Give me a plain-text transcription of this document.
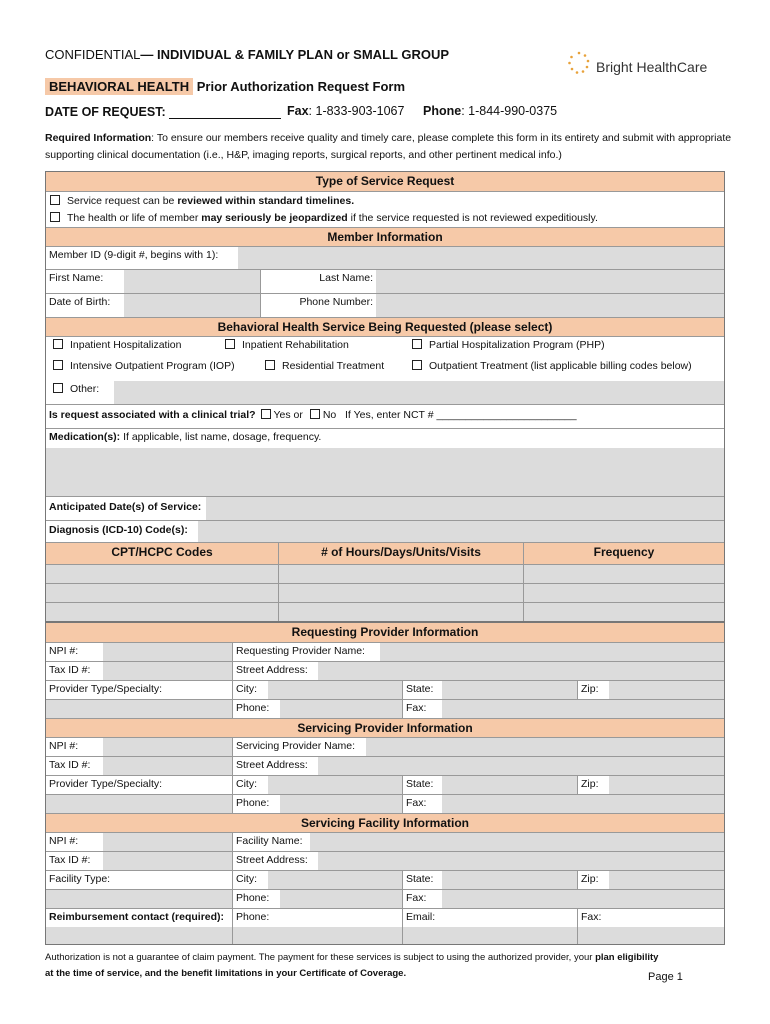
CONFIDENTIAL— INDIVIDUAL & FAMILY PLAN or SMALL GROUP
Bright HealthCare
BEHAVIORAL HEALTH Prior Authorization Request Form
DATE OF REQUEST:	Fax: 1-833-903-1067 Phone: 1-844-990-0375
Required Information: To ensure our members receive quality and timely care, please complete this form in its entirety and submit with appropriate supporting clinical documentation (i.e., H&P, imaging reports, surgical reports, and other pertinent medical info.)
Type of Service Request
Service request can be reviewed within standard timelines.
The health or life of member may seriously be jeopardized if the service requested is not reviewed expeditiously.
Member Information
Member ID (9-digit #, begins with 1):
First Name:	Last Name:
Date of Birth:	Phone Number:
Behavioral Health Service Being Requested (please select)
Inpatient Hospitalization	Inpatient Rehabilitation	Partial Hospitalization Program (PHP)
Intensive Outpatient Program (IOP)	Residential Treatment	Outpatient Treatment (list applicable billing codes below)
Other:
Is request associated with a clinical trial? Yes or No If Yes, enter NCT # ________________________
Medication(s): If applicable, list name, dosage, frequency.
Anticipated Date(s) of Service:
Diagnosis (ICD-10) Code(s):
CPT/HCPC Codes	# of Hours/Days/Units/Visits	Frequency
Requesting Provider Information
NPI #:	Requesting Provider Name:
Tax ID #:	Street Address:
Provider Type/Specialty:	City:	State:	Zip:
Phone:	Fax:
Servicing Provider Information
NPI #:	Servicing Provider Name:
Tax ID #:	Street Address:
Provider Type/Specialty:	City:	State:	Zip:
Phone:	Fax:
Servicing Facility Information
NPI #:	Facility Name:
Tax ID #:	Street Address:
Facility Type:	City:	State:	Zip:
Phone:	Fax:
Reimbursement contact (required):	Phone:	Email:	Fax:
Authorization is not a guarantee of claim payment. The payment for these services is subject to using the authorized provider, your plan eligibility
at the time of service, and the benefit limitations in your Certificate of Coverage.	Page 1
